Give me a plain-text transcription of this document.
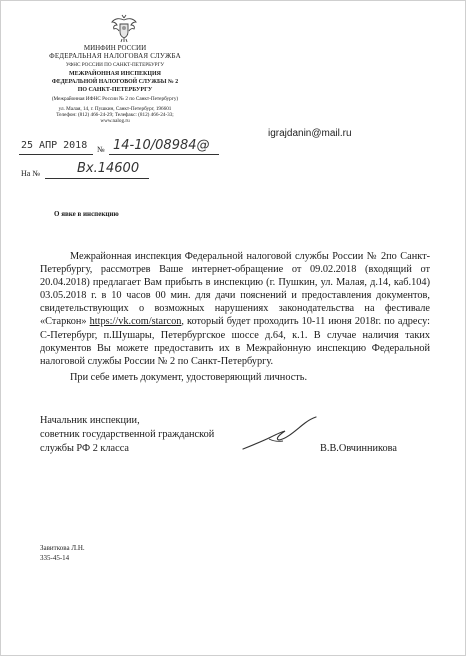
МИНФИН РОССИИ
ФЕДЕРАЛЬНАЯ НАЛОГОВАЯ СЛУЖБА
УФНС РОССИИ ПО САНКТ-ПЕТЕРБУРГУ
МЕЖРАЙОННАЯ ИНСПЕКЦИЯ
ФЕДЕРАЛЬНОЙ НАЛОГОВОЙ СЛУЖБЫ № 2
ПО САНКТ-ПЕТЕРБУРГУ
(Межрайонная ИФНС России № 2 по Санкт-Петербургу)
ул. Малая, 14, г. Пушкин, Санкт-Петербург, 196601
Телефон: (812) 466-24-29; Телефакс: (812) 466-24-33;
www.nalog.ru
25 АПР 2018 № 14-10/08984@
На №	Вх.14600
igrajdanin@mail.ru
О явке в инспекцию

Межрайонная инспекция Федеральной налоговой службы России № 2по Санкт-Петербургу, рассмотрев Ваше интернет-обращение от 09.02.2018 (входящий от 20.04.2018) предлагает Вам прибыть в инспекцию (г. Пушкин, ул. Малая, д.14, каб.104) 03.05.2018 г. в 10 часов 00 мин. для дачи пояснений и предоставления документов, свидетельствующих о возможных нарушениях законодательства на фестивале «Старкон» https://vk.com/starcon, который будет проходить 10-11 июня 2018г. по адресу: С-Петербург, п.Шушары, Петербургское шоссе д.64, к.1. В случае наличия таких документов Вы можете предоставить их в Межрайонную инспекцию Федеральной налоговой службы России № 2 по Санкт-Петербургу.

При себе иметь документ, удостоверяющий личность.

Начальник инспекции,
советник государственной гражданской
службы РФ 2 класса	В.В.Овчинникова
Завиткова Л.Н.
335-45-14
